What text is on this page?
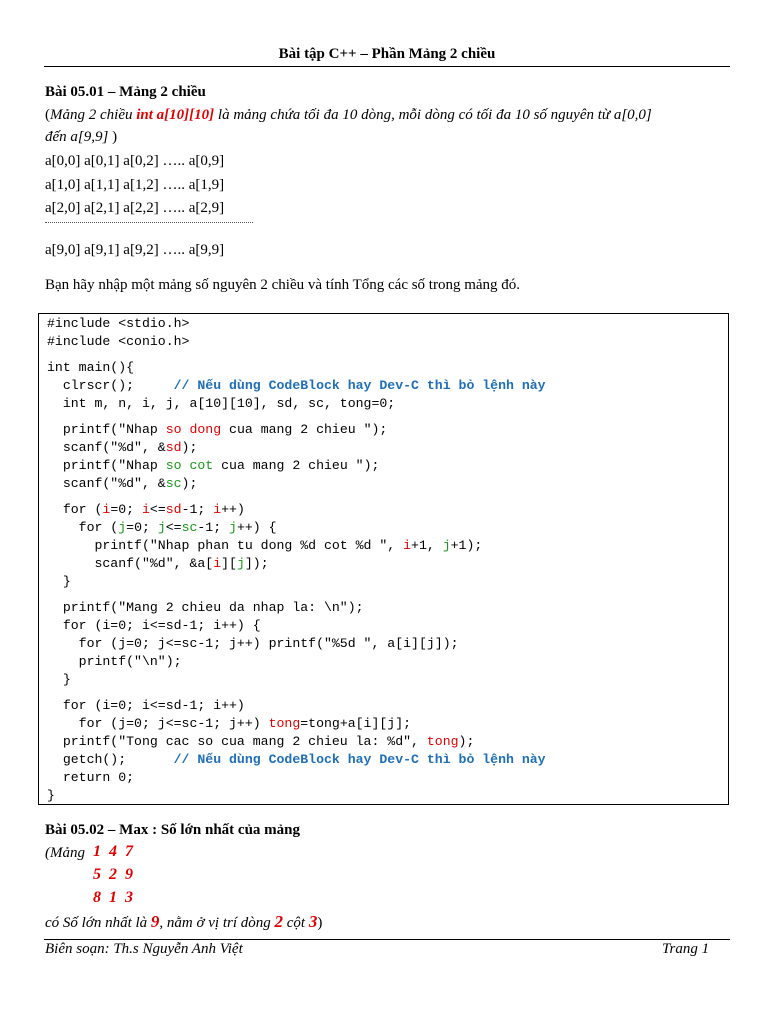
Bài tập C++ – Phần Mảng 2 chiều
Bài 05.01 – Mảng 2 chiều
(Mảng 2 chiều int a[10][10] là mảng chứa tối đa 10 dòng, mỗi dòng có tối đa 10 số nguyên từ a[0,0]
đến a[9,9] )
a[0,0] a[0,1] a[0,2] ….. a[0,9]
a[1,0] a[1,1] a[1,2] ….. a[1,9]
a[2,0] a[2,1] a[2,2] ….. a[2,9]
a[9,0] a[9,1] a[9,2] ….. a[9,9]
Bạn hãy nhập một mảng số nguyên 2 chiều và tính Tổng các số trong mảng đó.
#include <stdio.h>
#include <conio.h>
int main(){
clrscr();     // Nếu dùng CodeBlock hay Dev-C thì bỏ lệnh này
int m, n, i, j, a[10][10], sd, sc, tong=0;
printf("Nhap so dong cua mang 2 chieu ");
scanf("%d", &sd);
printf("Nhap so cot cua mang 2 chieu ");
scanf("%d", &sc);
for (i=0; i<=sd-1; i++)
for (j=0; j<=sc-1; j++) {
printf("Nhap phan tu dong %d cot %d ", i+1, j+1);
scanf("%d", &a[i][j]);
}
printf("Mang 2 chieu da nhap la: \n");
for (i=0; i<=sd-1; i++) {
for (j=0; j<=sc-1; j++) printf("%5d ", a[i][j]);
printf("\n");
}
for (i=0; i<=sd-1; i++)
for (j=0; j<=sc-1; j++) tong=tong+a[i][j];
printf("Tong cac so cua mang 2 chieu la: %d", tong);
getch();      // Nếu dùng CodeBlock hay Dev-C thì bỏ lệnh này
return 0;
}
Bài 05.02 – Max : Số lớn nhất của mảng
(Mảng 1 4 7
5 2 9
8 1 3
có Số lớn nhất là 9, nằm ở vị trí dòng 2 cột 3)
Biên soạn: Th.s Nguyễn Anh Việt	Trang 1
